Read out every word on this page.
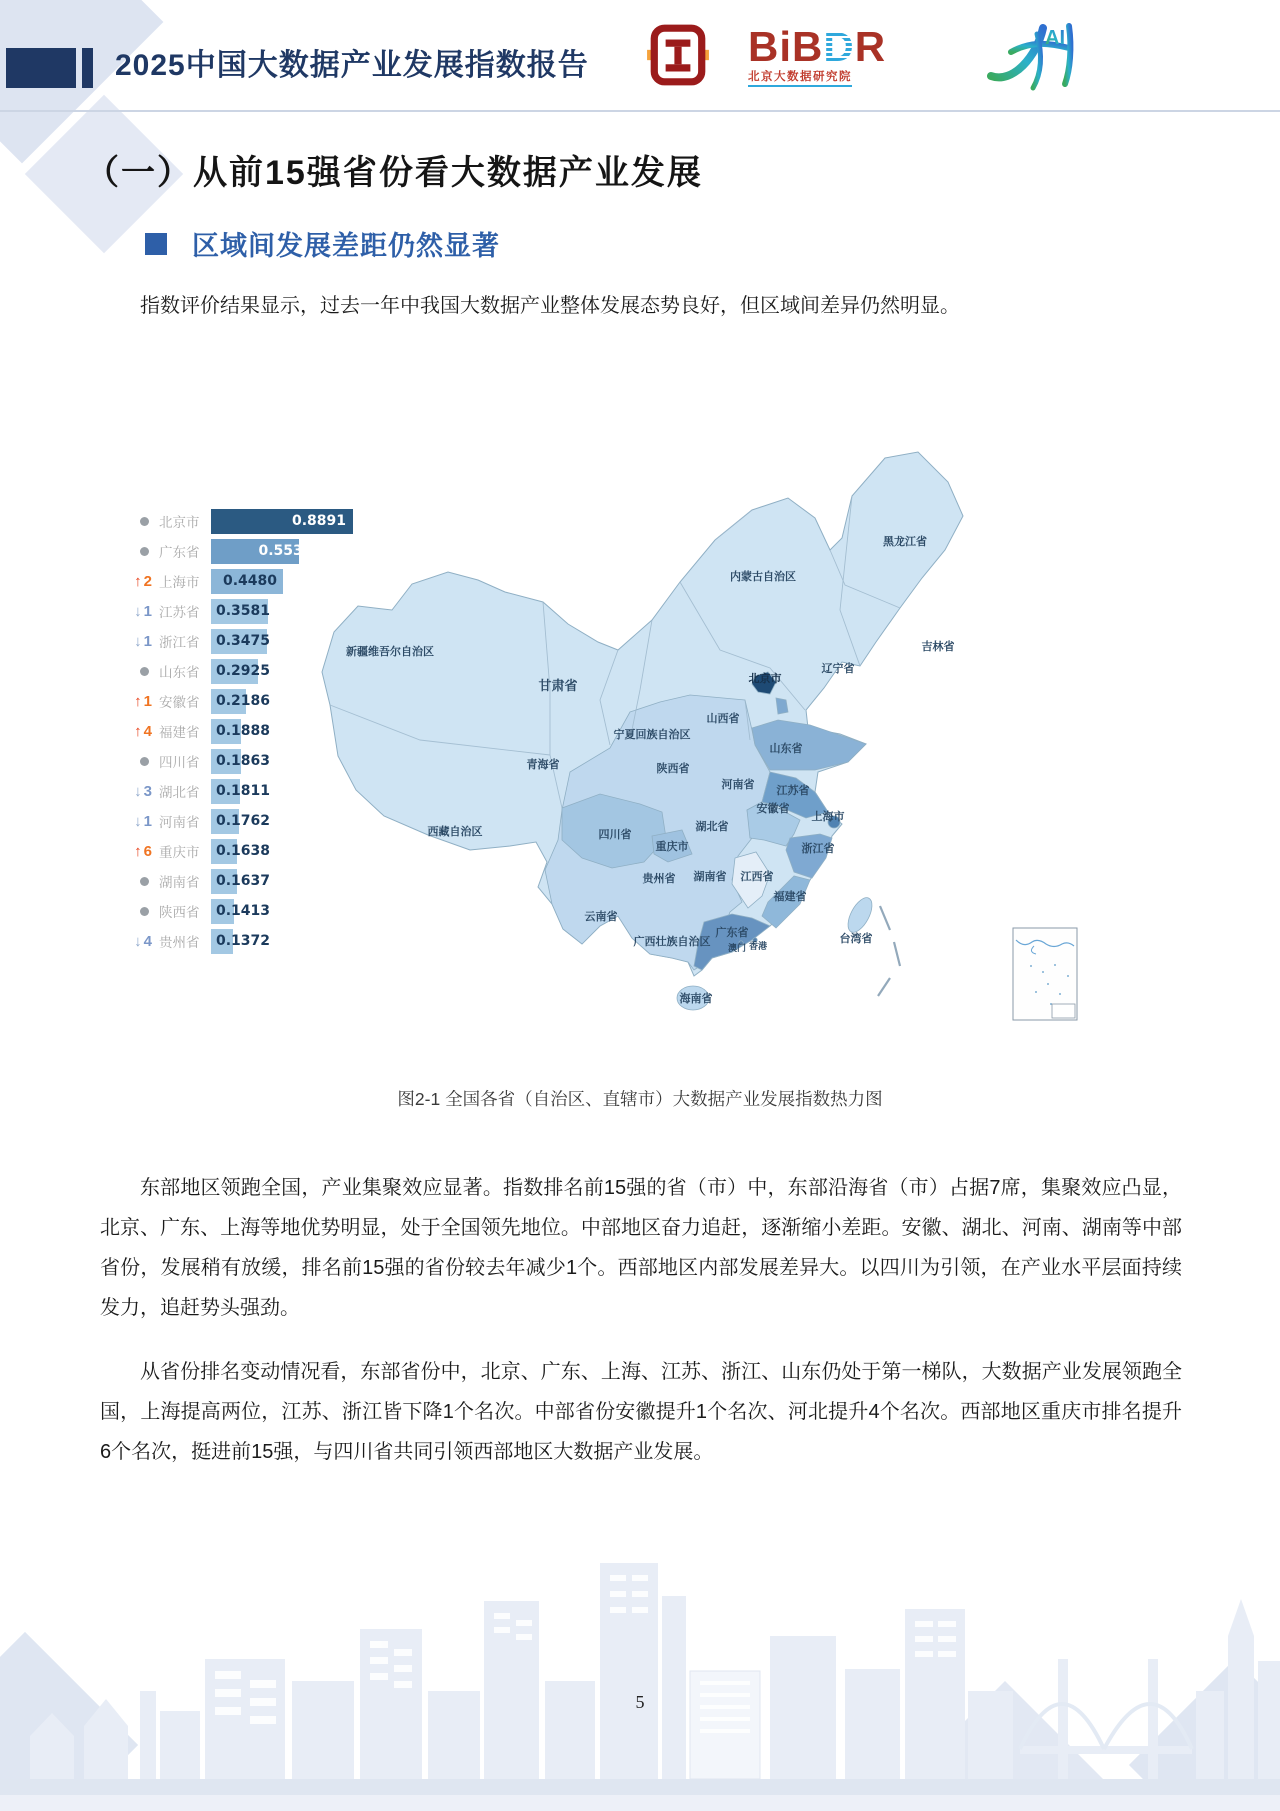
2025中国大数据产业发展指数报告	BiBDR
北京大数据研究院
AI
（一）从前15强省份看大数据产业发展
区域间发展差距仍然显著
指数评价结果显示，过去一年中我国大数据产业整体发展态势良好，但区域间差异仍然明显。
北京市	0.8891
广东省	0.5536
↑ 2 上海市	0.4480
↓ 1 江苏省	0.3581
↓ 1 浙江省	0.3475
山东省	0.2925
↑ 1 安徽省	0.2186
↑ 4 福建省	0.1888
四川省	0.1863
↓ 3 湖北省	0.1811
↓ 1 河南省	0.1762
↑ 6 重庆市	0.1638
湖南省	0.1637
陕西省	0.1413
↓ 4 贵州省	0.1372
黑龙江省
内蒙古自治区
吉林省
辽宁省
新疆维吾尔自治区
甘肃省	北京市
山西省
宁夏回族自治区
山东省
青海省	陕西省
河南省 江苏省
安徽省
上海市
西藏自治区	四川省
湖北省
重庆市	浙江省
贵州省 湖南省 江西省
福建省
云南省
广西壮族自治区
广东省
澳门 香港
台湾省
海南省
图2-1 全国各省（自治区、直辖市）大数据产业发展指数热力图
东部地区领跑全国，产业集聚效应显著。指数排名前15强的省（市）中，东部沿海省（市）占据7席，集聚效应凸显，北京、广东、上海等地优势明显，处于全国领先地位。中部地区奋力追赶，逐渐缩小差距。安徽、湖北、河南、湖南等中部省份，发展稍有放缓，排名前15强的省份较去年减少1个。西部地区内部发展差异大。以四川为引领，在产业水平层面持续发力，追赶势头强劲。
从省份排名变动情况看，东部省份中，北京、广东、上海、江苏、浙江、山东仍处于第一梯队，大数据产业发展领跑全国，上海提高两位，江苏、浙江皆下降1个名次。中部省份安徽提升1个名次、河北提升4个名次。西部地区重庆市排名提升6个名次，挺进前15强，与四川省共同引领西部地区大数据产业发展。
5
